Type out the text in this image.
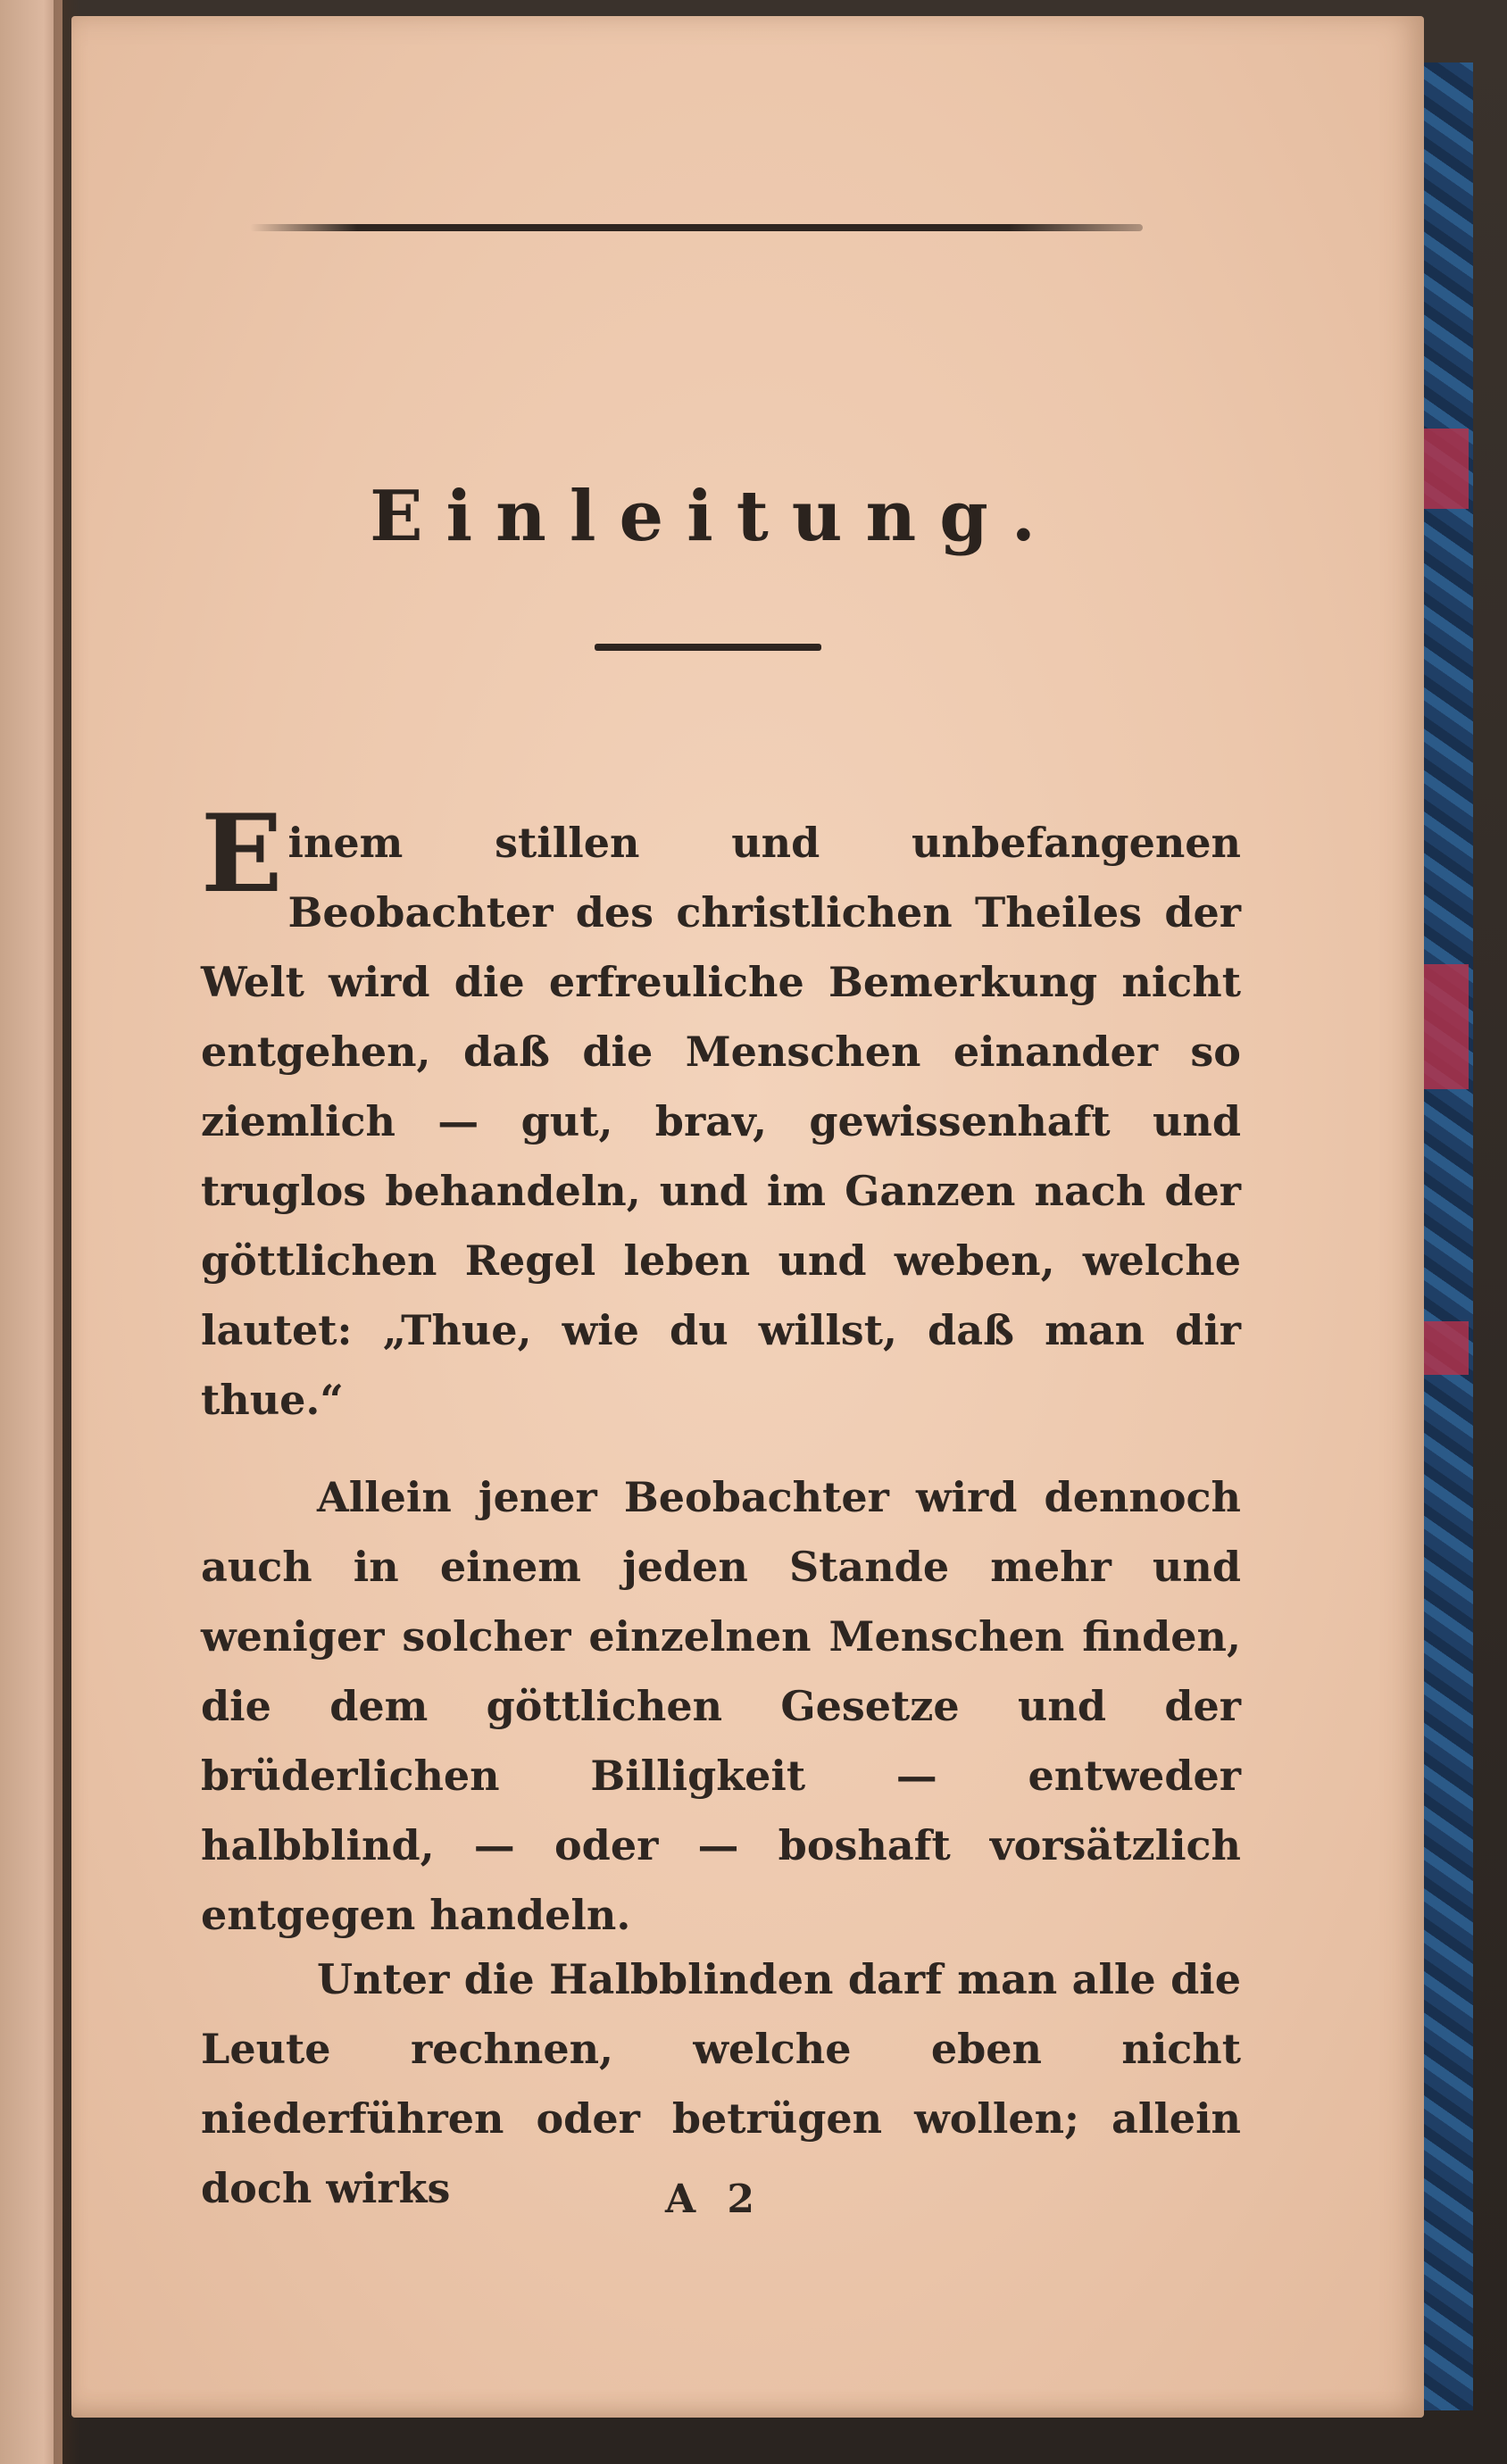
Einleitung.
Einem stillen und unbefangenen Beobachter des christlichen Theiles der Welt wird die erfreuliche Bemerkung nicht entgehen, daß die Menschen einander so ziemlich — gut, brav, gewissenhaft und truglos behandeln, und im Ganzen nach der göttlichen Regel leben und weben, welche lautet: „Thue, wie du willst, daß man dir thue.“
Allein jener Beobachter wird dennoch auch in einem jeden Stande mehr und weniger solcher einzelnen Menschen finden, die dem göttlichen Gesetze und der brüderlichen Billigkeit — entweder halbblind, — oder — boshaft vorsätzlich entgegen handeln.
Unter die Halbblinden darf man alle die Leute rechnen, welche eben nicht niederführen oder betrügen wollen; allein doch wirks	A 2
